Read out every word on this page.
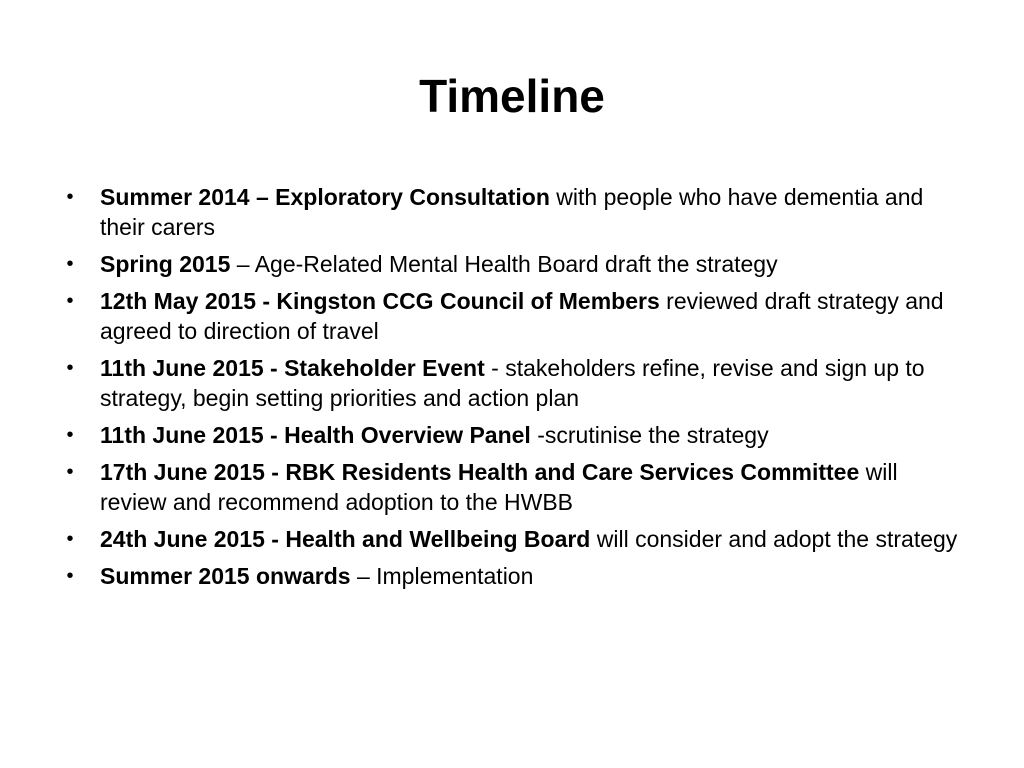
Timeline
• Summer 2014 – Exploratory Consultation with people who have dementia and their carers
• Spring 2015 – Age-Related Mental Health Board draft the strategy
• 12th May 2015 - Kingston CCG Council of Members reviewed draft strategy and agreed to direction of travel
• 11th June 2015 - Stakeholder Event - stakeholders refine, revise and sign up to strategy, begin setting priorities and action plan
• 11th June 2015 - Health Overview Panel -scrutinise the strategy
• 17th June 2015 - RBK Residents Health and Care Services Committee will review and recommend adoption to the HWBB
• 24th June 2015 - Health and Wellbeing Board will consider and adopt the strategy
• Summer 2015 onwards – Implementation
